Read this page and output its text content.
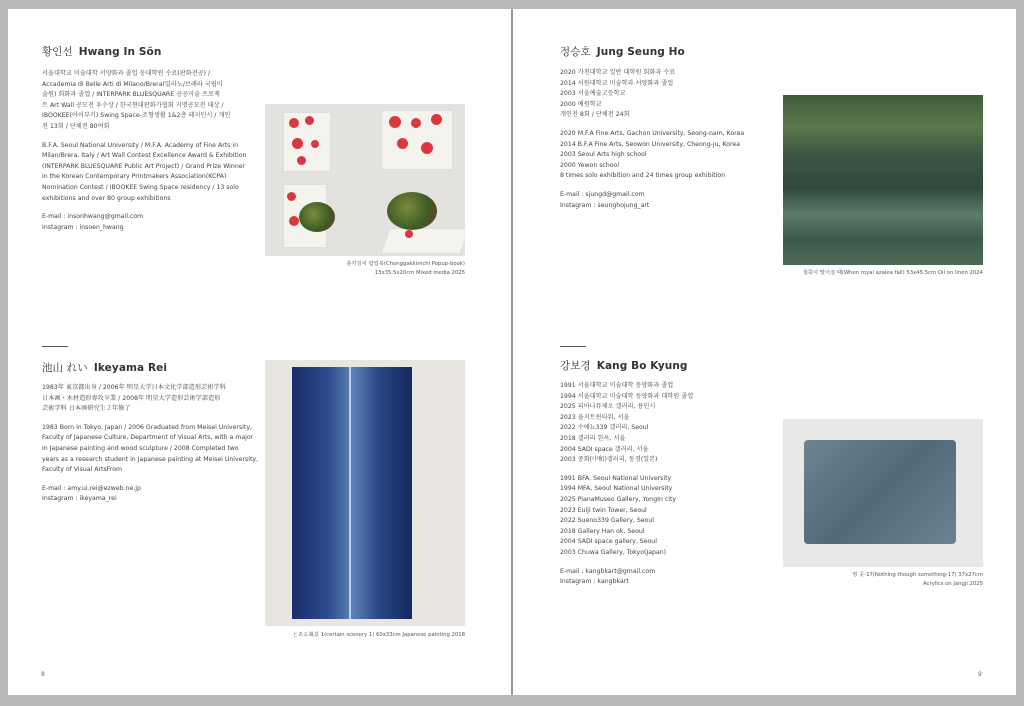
황인선 Hwang In Sŏn
서울대학교 미술대학 서양화과 졸업 동대학원 수료(판화전공) /
Accademia di Belle Arti di Milano/Brera(밀라노/브레라 국립미
술원) 회화과 졸업 / INTERPARK BLUESQUARE 공공미술 프로젝
트 Art Wall 공모전 우수상 / 한국현대판화가협회 지명공모전 대상 /
IBOOKEE(아이부키) Swing Space-조형생활 1&2층 레지던시 / 개인
전 13회 / 단체전 80여회
B.F.A. Seoul National University / M.F.A. Academy of Fine Arts in
Milan/Brera, Italy / Art Wall Contest Excellence Award & Exhibition
(INTERPARK BLUESQUARE Public Art Project) / Grand Prize Winner
in the Korean Contemporary Printmakers Association(KCPA)
Nomination Contest / IBOOKEE Swing Space residency / 13 solo
exhibitions and over 80 group exhibitions
E-mail : insonhwang@gmail.com
Instagram : insoen_hwang
총각김치 팝업북(Chonggakkimchi Popup-book)
13x35.5x20cm Mixed media 2025
池山 れい Ikeyama Rei
1983年 東京都出身 / 2006年 明星大学日本文化学部造形芸術学科
日本画・木材造形専攻卒業 / 2008年 明星大学造形芸術学部造形
芸術学科 日本画研究生２年修了
1983 Born in Tokyo, Japan / 2006 Graduated from Meisei University,
Faculty of Japanese Culture, Department of Visual Arts, with a major
in Japanese painting and wood sculpture / 2008 Completed two
years as a research student in Japanese painting at Meisei University,
Faculty of Visual ArtsFrom
E-mail : amy.ui.rei@ezweb.ne.jp
Instagram : ikeyama_rei
とある風景 1(certain scenery 1) 60x33cm Japanese painting 2018
8
정승호 Jung Seung Ho
2020 가천대학교 일반 대학원 회화과 수료
2014 서원대학교 미술학과 서양화과 졸업
2003 서울예술고등학교
2000 예원학교
개인전 8회 / 단체전 24회
2020 M.F.A Fine Arts, Gachon University, Seong-nam, Korea
2014 B.F.A Fine Arts, Seowon University, Cheong-ju, Korea
2003 Seoul Arts high school
2000 Yewon school
8 times solo exhibition and 24 times group exhibition
E-mail : sjungd@gmail.com
Instagram : seunghojung_art
철쭉이 떨어질 때(When royal azalea fall) 53x45.5cm Oil on linen 2024
강보경 Kang Bo Kyung
1991 서울대학교 미술대학 동양화과 졸업
1994 서울대학교 미술대학 동양화과 대학원 졸업
2025 피아나뮤제오 갤러리, 용인시
2023 을지트윈타워, 서울
2022 수애뇨339 갤러리, Seoul
2018 갤러리 한옥, 서울
2004 SADI space 갤러리, 서울
2003 중화(中和)갤러리, 동경(일본)
1991 BFA, Seoul National University
1994 MFA, Seoul National University
2025 PianaMuseo Gallery, YongIn city
2023 Eulji twin Tower, Seoul
2022 Sueno339 Gallery, Seoul
2018 Gallery Han ok, Seoul
2004 SADI space gallery, Seoul
2003 Chuwa Gallery, Tokyo(Japan)
E-mail : kangbkart@gmail.com
Instagram : kangbkart
명 곳-17(Nothing though something-17) 37x27cm
Acrylics on Jangji 2025
9
